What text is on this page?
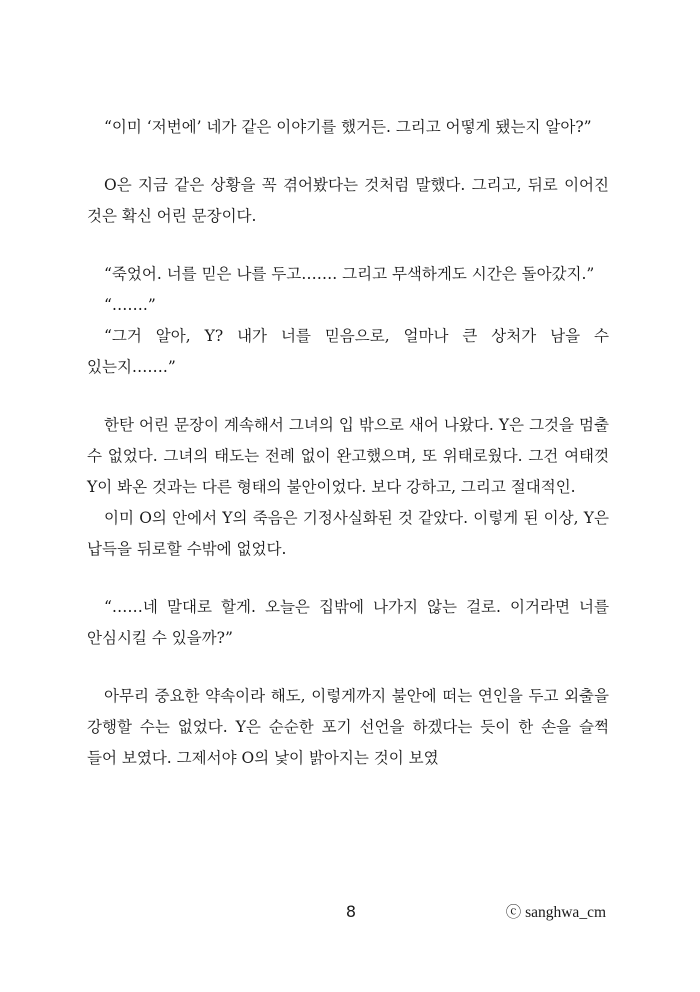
“이미 ‘저번에’ 네가 같은 이야기를 했거든. 그리고 어떻게 됐는지 알아?”

O은 지금 같은 상황을 꼭 겪어봤다는 것처럼 말했다. 그리고, 뒤로 이어진 것은 확신 어린 문장이다.

“죽었어. 너를 믿은 나를 두고……. 그리고 무색하게도 시간은 돌아갔지.”

“…….”

“그거 알아, Y? 내가 너를 믿음으로, 얼마나 큰 상처가 남을 수 있는지…….”

한탄 어린 문장이 계속해서 그녀의 입 밖으로 새어 나왔다. Y은 그것을 멈출 수 없었다. 그녀의 태도는 전례 없이 완고했으며, 또 위태로웠다. 그건 여태껏 Y이 봐온 것과는 다른 형태의 불안이었다. 보다 강하고, 그리고 절대적인.

이미 O의 안에서 Y의 죽음은 기정사실화된 것 같았다. 이렇게 된 이상, Y은 납득을 뒤로할 수밖에 없었다.

“……네 말대로 할게. 오늘은 집밖에 나가지 않는 걸로. 이거라면 너를 안심시킬 수 있을까?”

아무리 중요한 약속이라 해도, 이렇게까지 불안에 떠는 연인을 두고 외출을 강행할 수는 없었다. Y은 순순한 포기 선언을 하겠다는 듯이 한 손을 슬쩍 들어 보였다. 그제서야 O의 낯이 밝아지는 것이 보였

8	ⓒ sanghwa_cm
